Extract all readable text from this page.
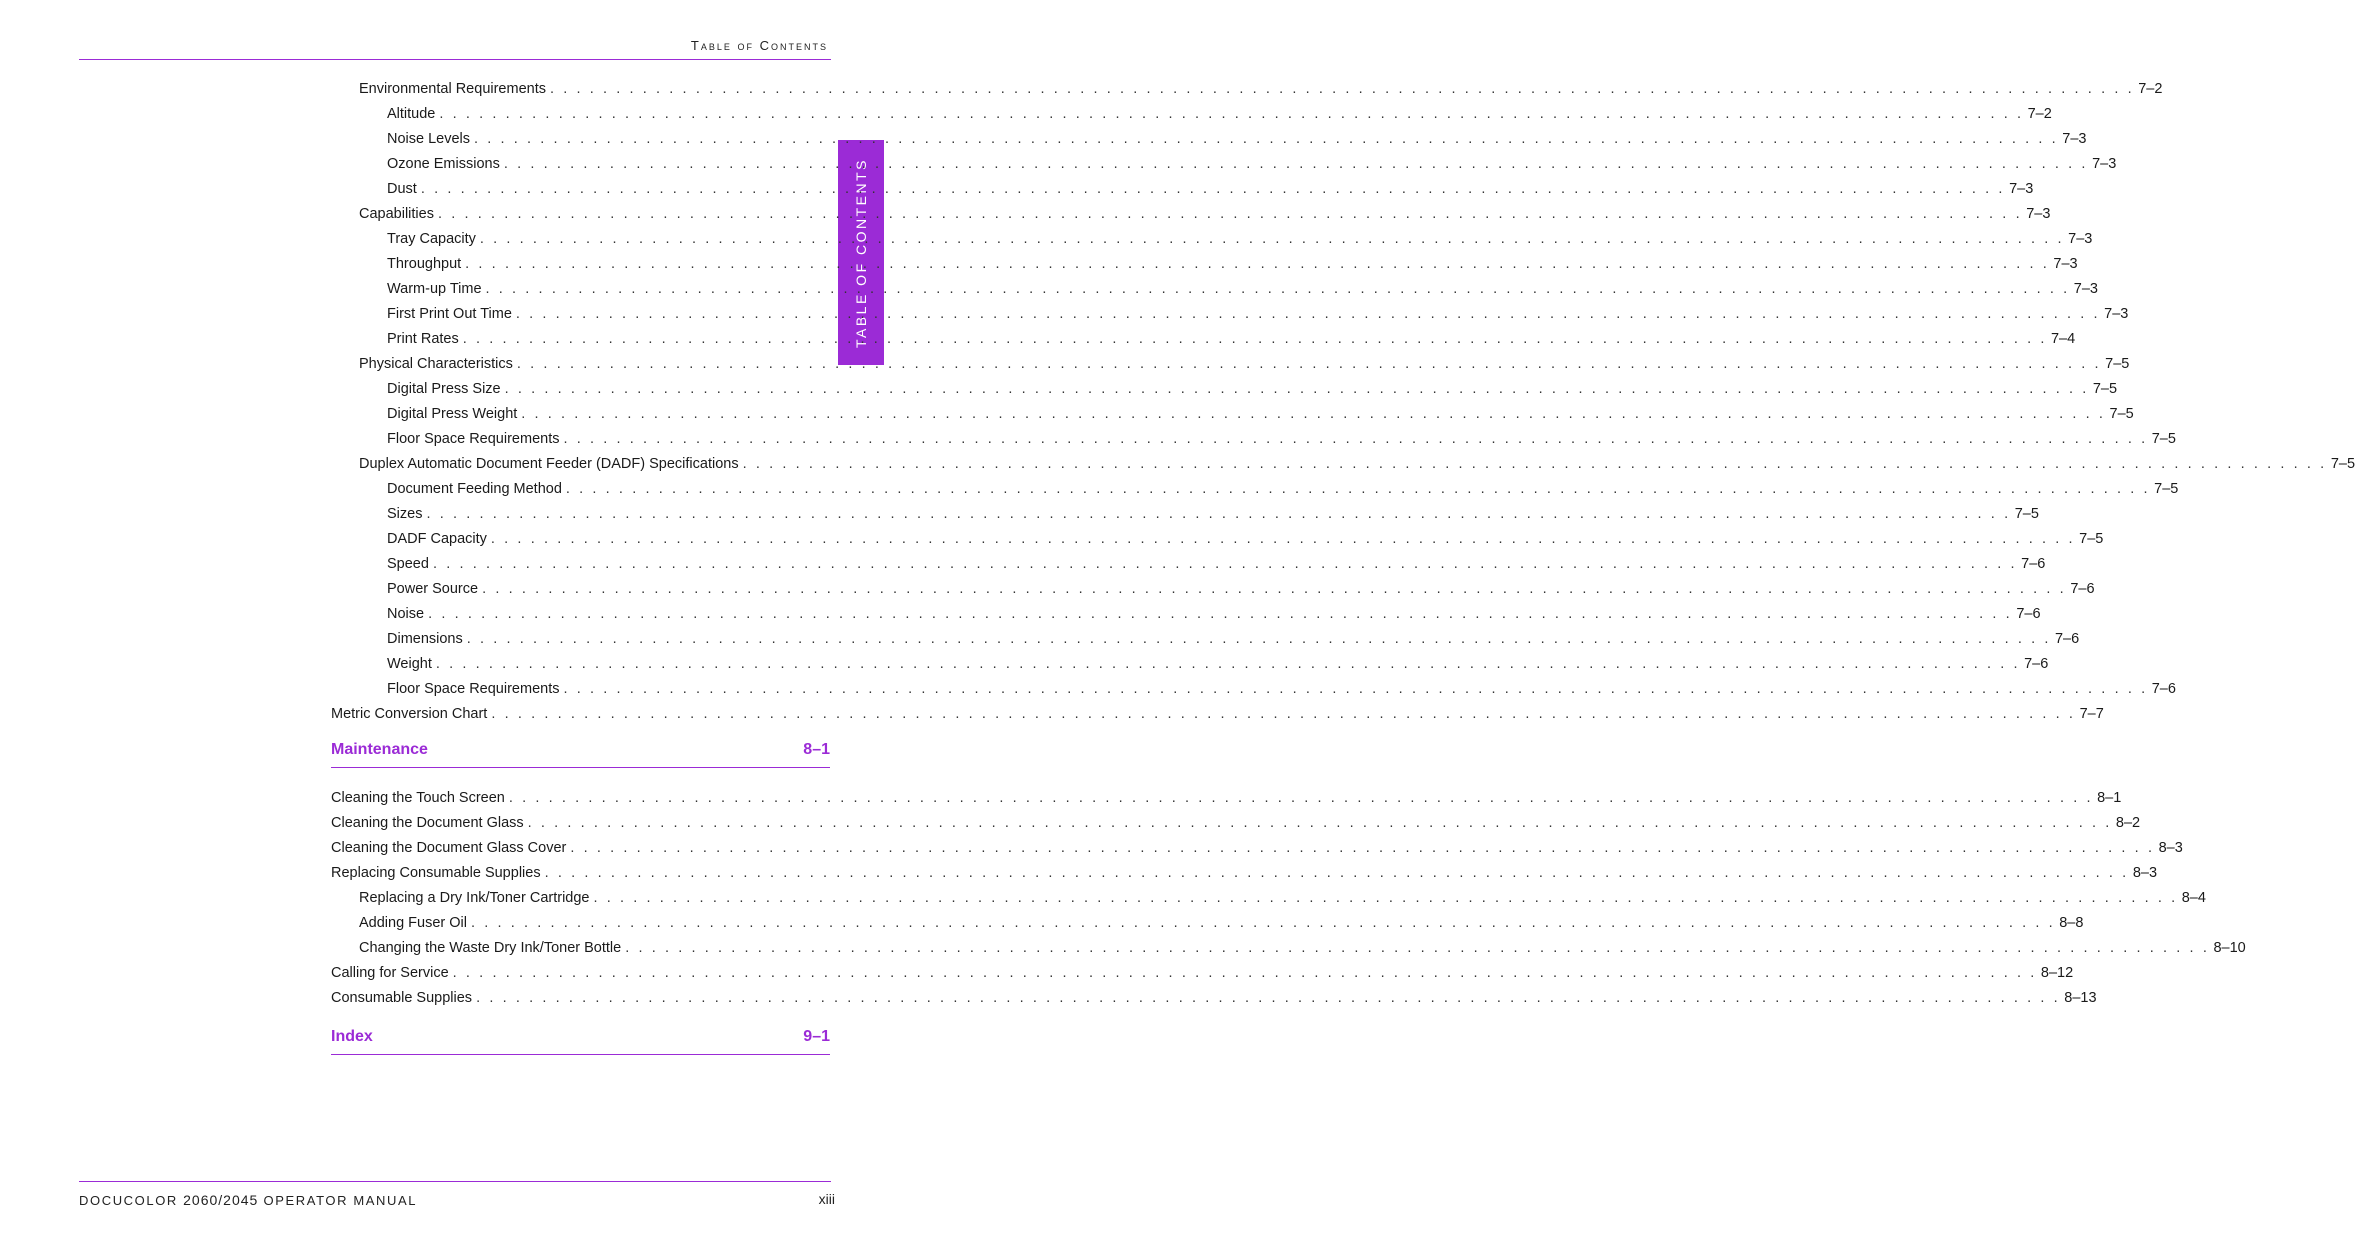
Table of Contents
TABLE OF CONTENTS
Environmental Requirements . . . . . . . . . . . . . . . . . . . . . . . . . . . . . . . . . . . . . . . . . . . . . . . . . . . . . . . . . . . . . . . . . . . . . . . . . . . . . . . . . . . . . . . . . . . . . . . . . . . . . . . . . . . . . . . . . . . . . . . . 7–2
Altitude . . . . . . . . . . . . . . . . . . . . . . . . . . . . . . . . . . . . . . . . . . . . . . . . . . . . . . . . . . . . . . . . . . . . . . . . . . . . . . . . . . . . . . . . . . . . . . . . . . . . . . . . . . . . . . . . . . . . . . . . 7–2
Noise Levels . . . . . . . . . . . . . . . . . . . . . . . . . . . . . . . . . . . . . . . . . . . . . . . . . . . . . . . . . . . . . . . . . . . . . . . . . . . . . . . . . . . . . . . . . . . . . . . . . . . . . . . . . . . . . . . . . . . . . . . . 7–3
Ozone Emissions . . . . . . . . . . . . . . . . . . . . . . . . . . . . . . . . . . . . . . . . . . . . . . . . . . . . . . . . . . . . . . . . . . . . . . . . . . . . . . . . . . . . . . . . . . . . . . . . . . . . . . . . . . . . . . . . . . . . . . . . 7–3
Dust . . . . . . . . . . . . . . . . . . . . . . . . . . . . . . . . . . . . . . . . . . . . . . . . . . . . . . . . . . . . . . . . . . . . . . . . . . . . . . . . . . . . . . . . . . . . . . . . . . . . . . . . . . . . . . . . . . . . . . . . 7–3
Capabilities . . . . . . . . . . . . . . . . . . . . . . . . . . . . . . . . . . . . . . . . . . . . . . . . . . . . . . . . . . . . . . . . . . . . . . . . . . . . . . . . . . . . . . . . . . . . . . . . . . . . . . . . . . . . . . . . . . . . . . . . 7–3
Tray Capacity . . . . . . . . . . . . . . . . . . . . . . . . . . . . . . . . . . . . . . . . . . . . . . . . . . . . . . . . . . . . . . . . . . . . . . . . . . . . . . . . . . . . . . . . . . . . . . . . . . . . . . . . . . . . . . . . . . . . . . . . 7–3
Throughput . . . . . . . . . . . . . . . . . . . . . . . . . . . . . . . . . . . . . . . . . . . . . . . . . . . . . . . . . . . . . . . . . . . . . . . . . . . . . . . . . . . . . . . . . . . . . . . . . . . . . . . . . . . . . . . . . . . . . . . . 7–3
Warm-up Time . . . . . . . . . . . . . . . . . . . . . . . . . . . . . . . . . . . . . . . . . . . . . . . . . . . . . . . . . . . . . . . . . . . . . . . . . . . . . . . . . . . . . . . . . . . . . . . . . . . . . . . . . . . . . . . . . . . . . . . . 7–3
First Print Out Time . . . . . . . . . . . . . . . . . . . . . . . . . . . . . . . . . . . . . . . . . . . . . . . . . . . . . . . . . . . . . . . . . . . . . . . . . . . . . . . . . . . . . . . . . . . . . . . . . . . . . . . . . . . . . . . . . . . . . . . . 7–3
Print Rates . . . . . . . . . . . . . . . . . . . . . . . . . . . . . . . . . . . . . . . . . . . . . . . . . . . . . . . . . . . . . . . . . . . . . . . . . . . . . . . . . . . . . . . . . . . . . . . . . . . . . . . . . . . . . . . . . . . . . . . . 7–4
Physical Characteristics . . . . . . . . . . . . . . . . . . . . . . . . . . . . . . . . . . . . . . . . . . . . . . . . . . . . . . . . . . . . . . . . . . . . . . . . . . . . . . . . . . . . . . . . . . . . . . . . . . . . . . . . . . . . . . . . . . . . . . . . 7–5
Digital Press Size . . . . . . . . . . . . . . . . . . . . . . . . . . . . . . . . . . . . . . . . . . . . . . . . . . . . . . . . . . . . . . . . . . . . . . . . . . . . . . . . . . . . . . . . . . . . . . . . . . . . . . . . . . . . . . . . . . . . . . . . 7–5
Digital Press Weight . . . . . . . . . . . . . . . . . . . . . . . . . . . . . . . . . . . . . . . . . . . . . . . . . . . . . . . . . . . . . . . . . . . . . . . . . . . . . . . . . . . . . . . . . . . . . . . . . . . . . . . . . . . . . . . . . . . . . . . . 7–5
Floor Space Requirements . . . . . . . . . . . . . . . . . . . . . . . . . . . . . . . . . . . . . . . . . . . . . . . . . . . . . . . . . . . . . . . . . . . . . . . . . . . . . . . . . . . . . . . . . . . . . . . . . . . . . . . . . . . . . . . . . . . . . . . . 7–5
Duplex Automatic Document Feeder (DADF) Specifications . . . . . . . . . . . . . . . . . . . . . . . . . . . . . . . . . . . . . . . . . . . . . . . . . . . . . . . . . . . . . . . . . . . . . . . . . . . . . . . . . . . . . . . . . . . . . . . . . . . . . . . . . . . . . . . . . . . . . . . . 7–5
Document Feeding Method . . . . . . . . . . . . . . . . . . . . . . . . . . . . . . . . . . . . . . . . . . . . . . . . . . . . . . . . . . . . . . . . . . . . . . . . . . . . . . . . . . . . . . . . . . . . . . . . . . . . . . . . . . . . . . . . . . . . . . . . 7–5
Sizes . . . . . . . . . . . . . . . . . . . . . . . . . . . . . . . . . . . . . . . . . . . . . . . . . . . . . . . . . . . . . . . . . . . . . . . . . . . . . . . . . . . . . . . . . . . . . . . . . . . . . . . . . . . . . . . . . . . . . . . . 7–5
DADF Capacity . . . . . . . . . . . . . . . . . . . . . . . . . . . . . . . . . . . . . . . . . . . . . . . . . . . . . . . . . . . . . . . . . . . . . . . . . . . . . . . . . . . . . . . . . . . . . . . . . . . . . . . . . . . . . . . . . . . . . . . . 7–5
Speed . . . . . . . . . . . . . . . . . . . . . . . . . . . . . . . . . . . . . . . . . . . . . . . . . . . . . . . . . . . . . . . . . . . . . . . . . . . . . . . . . . . . . . . . . . . . . . . . . . . . . . . . . . . . . . . . . . . . . . . . 7–6
Power Source . . . . . . . . . . . . . . . . . . . . . . . . . . . . . . . . . . . . . . . . . . . . . . . . . . . . . . . . . . . . . . . . . . . . . . . . . . . . . . . . . . . . . . . . . . . . . . . . . . . . . . . . . . . . . . . . . . . . . . . . 7–6
Noise . . . . . . . . . . . . . . . . . . . . . . . . . . . . . . . . . . . . . . . . . . . . . . . . . . . . . . . . . . . . . . . . . . . . . . . . . . . . . . . . . . . . . . . . . . . . . . . . . . . . . . . . . . . . . . . . . . . . . . . . 7–6
Dimensions . . . . . . . . . . . . . . . . . . . . . . . . . . . . . . . . . . . . . . . . . . . . . . . . . . . . . . . . . . . . . . . . . . . . . . . . . . . . . . . . . . . . . . . . . . . . . . . . . . . . . . . . . . . . . . . . . . . . . . . . 7–6
Weight . . . . . . . . . . . . . . . . . . . . . . . . . . . . . . . . . . . . . . . . . . . . . . . . . . . . . . . . . . . . . . . . . . . . . . . . . . . . . . . . . . . . . . . . . . . . . . . . . . . . . . . . . . . . . . . . . . . . . . . . 7–6
Floor Space Requirements . . . . . . . . . . . . . . . . . . . . . . . . . . . . . . . . . . . . . . . . . . . . . . . . . . . . . . . . . . . . . . . . . . . . . . . . . . . . . . . . . . . . . . . . . . . . . . . . . . . . . . . . . . . . . . . . . . . . . . . . 7–6
Metric Conversion Chart . . . . . . . . . . . . . . . . . . . . . . . . . . . . . . . . . . . . . . . . . . . . . . . . . . . . . . . . . . . . . . . . . . . . . . . . . . . . . . . . . . . . . . . . . . . . . . . . . . . . . . . . . . . . . . . . . . . . . . . . 7–7
Maintenance	8–1
Cleaning the Touch Screen . . . . . . . . . . . . . . . . . . . . . . . . . . . . . . . . . . . . . . . . . . . . . . . . . . . . . . . . . . . . . . . . . . . . . . . . . . . . . . . . . . . . . . . . . . . . . . . . . . . . . . . . . . . . . . . . . . . . . . . . 8–1
Cleaning the Document Glass . . . . . . . . . . . . . . . . . . . . . . . . . . . . . . . . . . . . . . . . . . . . . . . . . . . . . . . . . . . . . . . . . . . . . . . . . . . . . . . . . . . . . . . . . . . . . . . . . . . . . . . . . . . . . . . . . . . . . . . . 8–2
Cleaning the Document Glass Cover . . . . . . . . . . . . . . . . . . . . . . . . . . . . . . . . . . . . . . . . . . . . . . . . . . . . . . . . . . . . . . . . . . . . . . . . . . . . . . . . . . . . . . . . . . . . . . . . . . . . . . . . . . . . . . . . . . . . . . . . 8–3
Replacing Consumable Supplies . . . . . . . . . . . . . . . . . . . . . . . . . . . . . . . . . . . . . . . . . . . . . . . . . . . . . . . . . . . . . . . . . . . . . . . . . . . . . . . . . . . . . . . . . . . . . . . . . . . . . . . . . . . . . . . . . . . . . . . . 8–3
Replacing a Dry Ink/Toner Cartridge . . . . . . . . . . . . . . . . . . . . . . . . . . . . . . . . . . . . . . . . . . . . . . . . . . . . . . . . . . . . . . . . . . . . . . . . . . . . . . . . . . . . . . . . . . . . . . . . . . . . . . . . . . . . . . . . . . . . . . . . 8–4
Adding Fuser Oil . . . . . . . . . . . . . . . . . . . . . . . . . . . . . . . . . . . . . . . . . . . . . . . . . . . . . . . . . . . . . . . . . . . . . . . . . . . . . . . . . . . . . . . . . . . . . . . . . . . . . . . . . . . . . . . . . . . . . . . . 8–8
Changing the Waste Dry Ink/Toner Bottle . . . . . . . . . . . . . . . . . . . . . . . . . . . . . . . . . . . . . . . . . . . . . . . . . . . . . . . . . . . . . . . . . . . . . . . . . . . . . . . . . . . . . . . . . . . . . . . . . . . . . . . . . . . . . . . . . . . . . . . . 8–10
Calling for Service . . . . . . . . . . . . . . . . . . . . . . . . . . . . . . . . . . . . . . . . . . . . . . . . . . . . . . . . . . . . . . . . . . . . . . . . . . . . . . . . . . . . . . . . . . . . . . . . . . . . . . . . . . . . . . . . . . . . . . . . 8–12
Consumable Supplies . . . . . . . . . . . . . . . . . . . . . . . . . . . . . . . . . . . . . . . . . . . . . . . . . . . . . . . . . . . . . . . . . . . . . . . . . . . . . . . . . . . . . . . . . . . . . . . . . . . . . . . . . . . . . . . . . . . . . . . . 8–13
Index	9–1
DOCUCOLOR 2060/2045 OPERATOR MANUAL	xiii
